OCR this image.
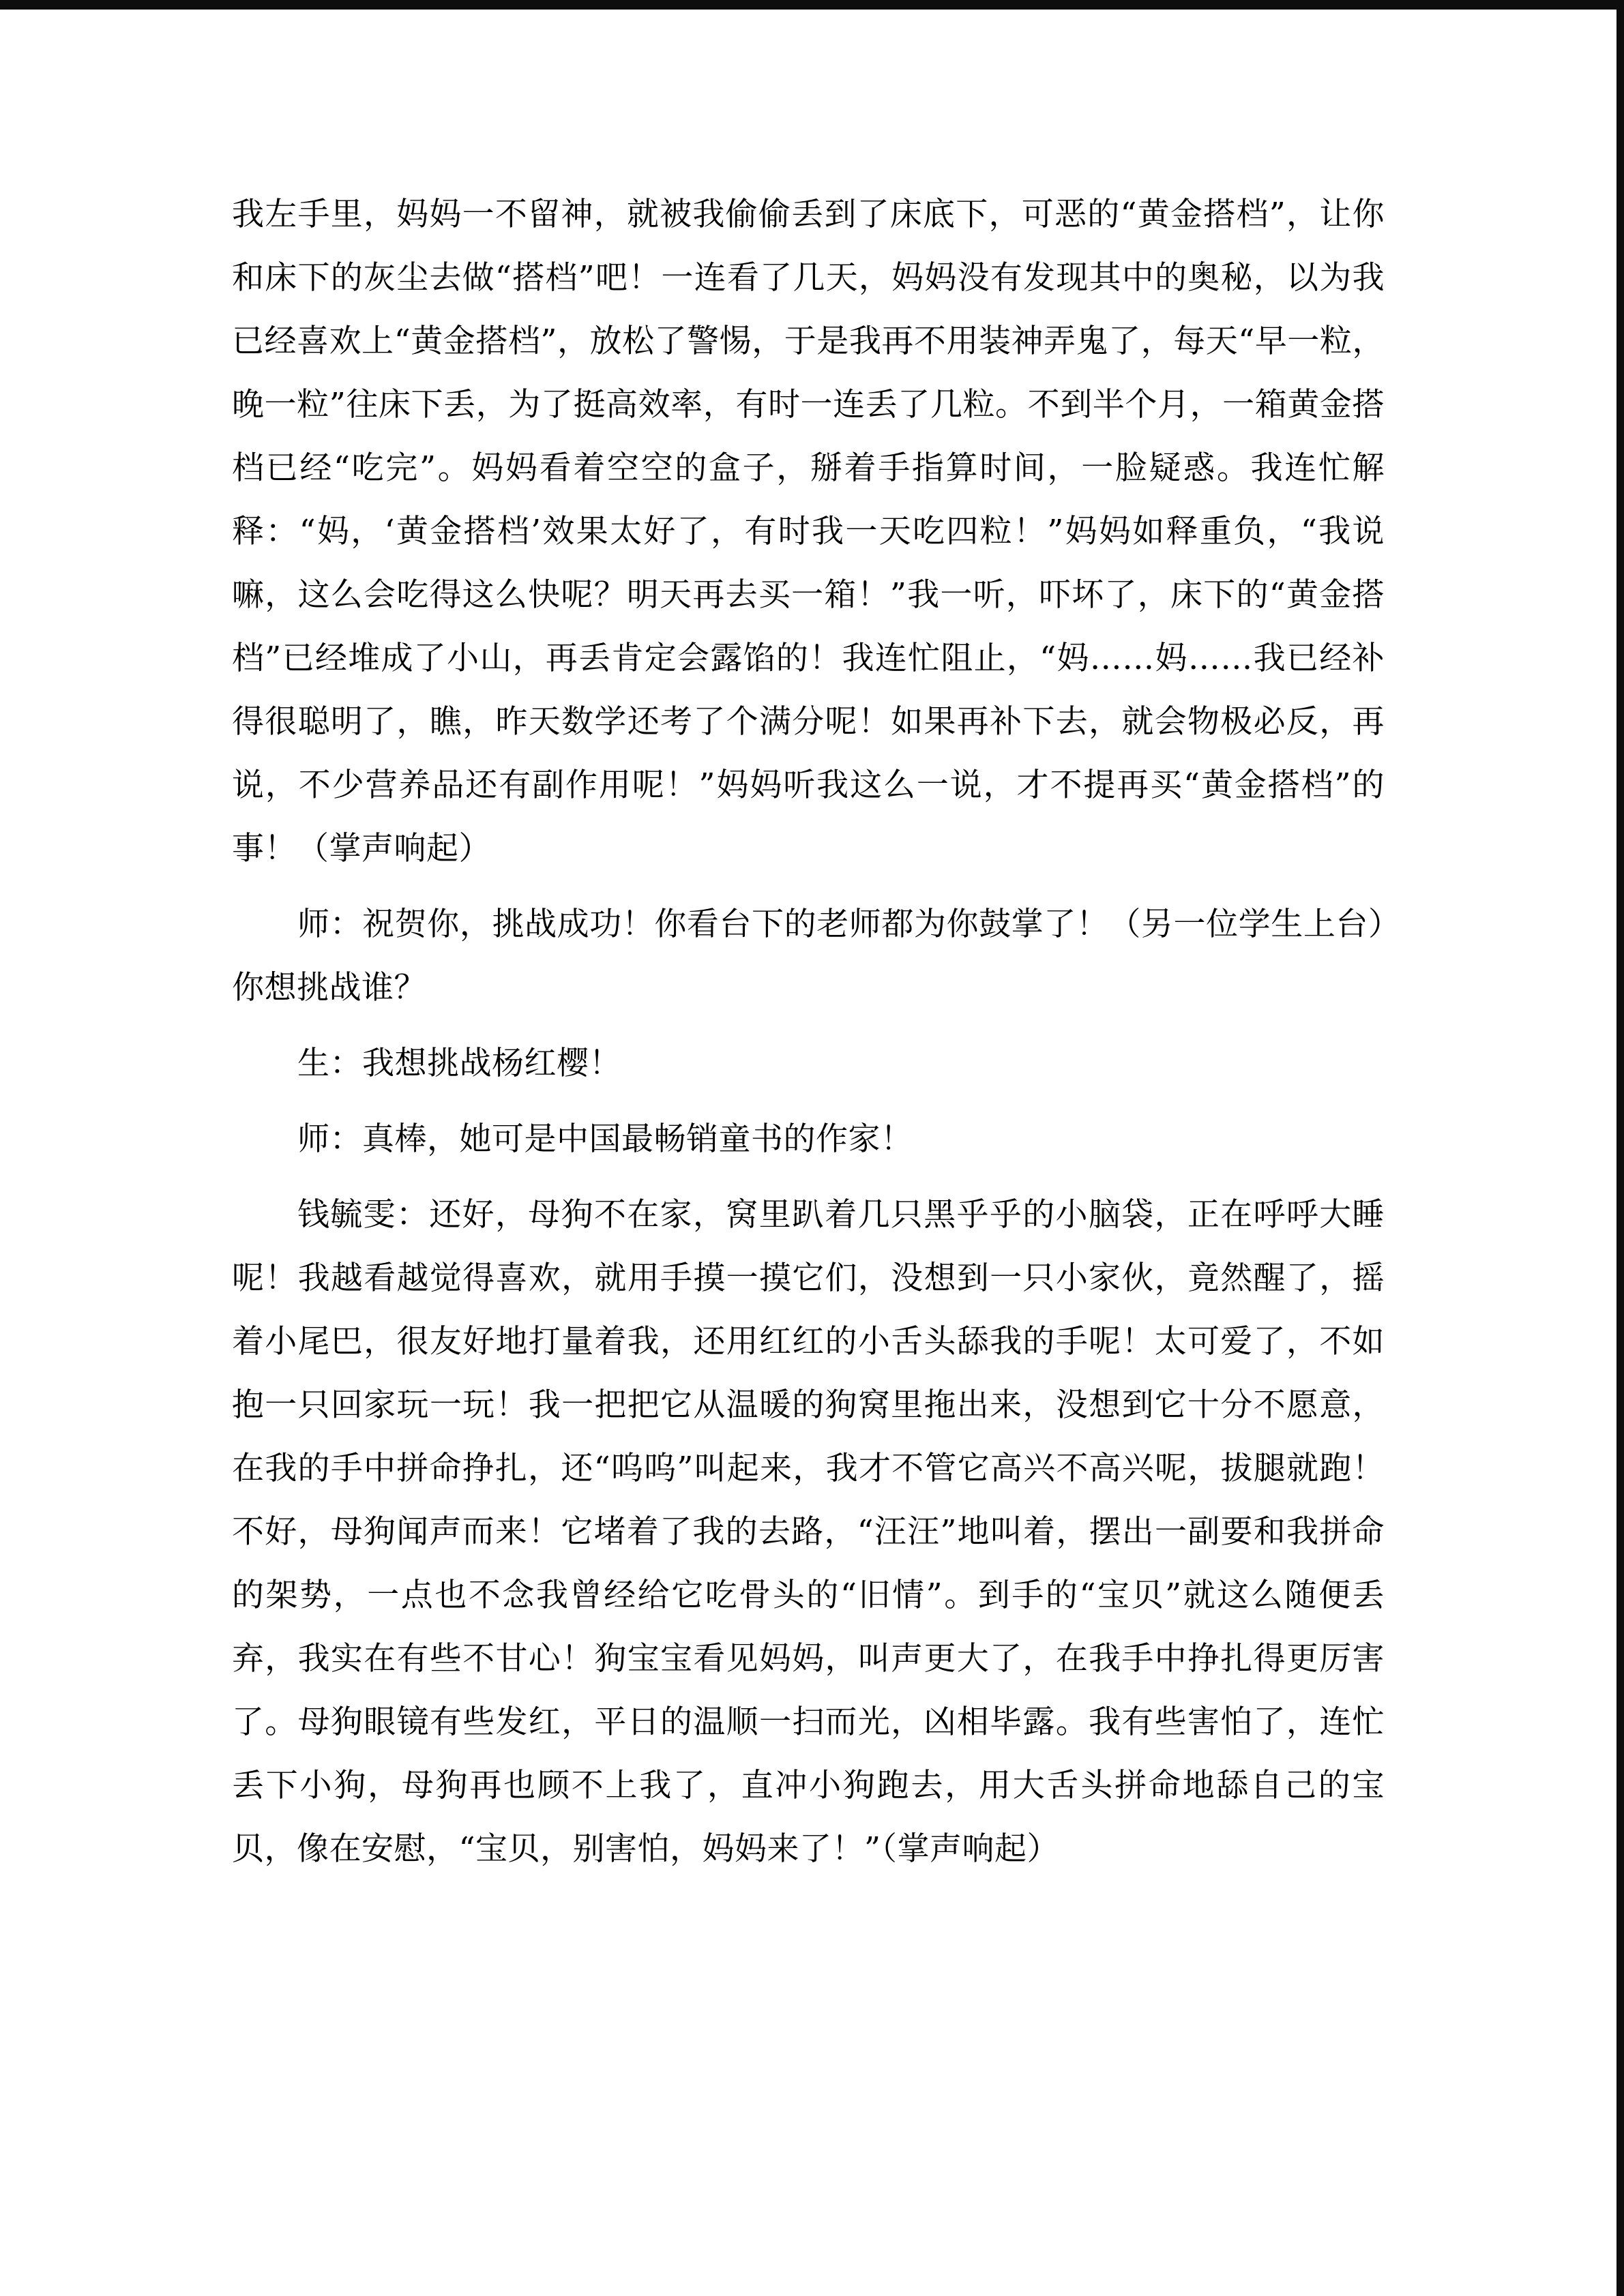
我左手里，妈妈一不留神，就被我偷偷丢到了床底下，可恶的“黄金搭档”，让你和床下的灰尘去做“搭档”吧！一连看了几天，妈妈没有发现其中的奥秘，以为我已经喜欢上“黄金搭档”，放松了警惕，于是我再不用装神弄鬼了，每天“早一粒，晚一粒”往床下丢，为了挺高效率，有时一连丢了几粒。不到半个月，一箱黄金搭档已经“吃完”。妈妈看着空空的盒子，掰着手指算时间，一脸疑惑。我连忙解释：“妈，‘黄金搭档’效果太好了，有时我一天吃四粒！”妈妈如释重负，“我说嘛，这么会吃得这么快呢？明天再去买一箱！”我一听，吓坏了，床下的“黄金搭档”已经堆成了小山，再丢肯定会露馅的！我连忙阻止，“妈……妈……我已经补得很聪明了，瞧，昨天数学还考了个满分呢！如果再补下去，就会物极必反，再说，不少营养品还有副作用呢！”妈妈听我这么一说，才不提再买“黄金搭档”的事！（掌声响起）

师：祝贺你，挑战成功！你看台下的老师都为你鼓掌了！（另一位学生上台）你想挑战谁？

生：我想挑战杨红樱！

师：真棒，她可是中国最畅销童书的作家！

钱毓雯：还好，母狗不在家，窝里趴着几只黑乎乎的小脑袋，正在呼呼大睡呢！我越看越觉得喜欢，就用手摸一摸它们，没想到一只小家伙，竟然醒了，摇着小尾巴，很友好地打量着我，还用红红的小舌头舔我的手呢！太可爱了，不如抱一只回家玩一玩！我一把把它从温暖的狗窝里拖出来，没想到它十分不愿意，在我的手中拼命挣扎，还“呜呜”叫起来，我才不管它高兴不高兴呢，拔腿就跑！不好，母狗闻声而来！它堵着了我的去路，“汪汪”地叫着，摆出一副要和我拼命的架势，一点也不念我曾经给它吃骨头的“旧情”。到手的“宝贝”就这么随便丢弃，我实在有些不甘心！狗宝宝看见妈妈，叫声更大了，在我手中挣扎得更厉害了。母狗眼镜有些发红，平日的温顺一扫而光，凶相毕露。我有些害怕了，连忙丢下小狗，母狗再也顾不上我了，直冲小狗跑去，用大舌头拼命地舔自己的宝贝，像在安慰，“宝贝，别害怕，妈妈来了！”（掌声响起）
